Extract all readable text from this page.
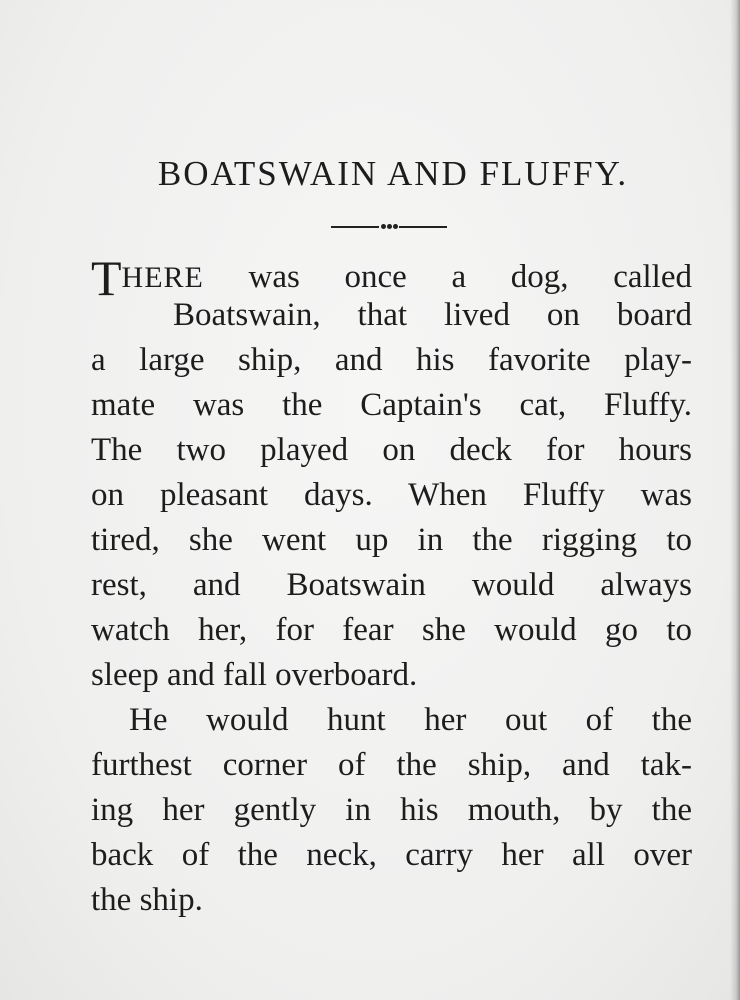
BOATSWAIN AND FLUFFY.
THERE was once a dog, called
Boatswain, that lived on board
a large ship, and his favorite play-
mate was the Captain's cat, Fluffy.
The two played on deck for hours
on pleasant days. When Fluffy was
tired, she went up in the rigging to
rest, and Boatswain would always
watch her, for fear she would go to
sleep and fall overboard.
He would hunt her out of the
furthest corner of the ship, and tak-
ing her gently in his mouth, by the
back of the neck, carry her all over
the ship.
